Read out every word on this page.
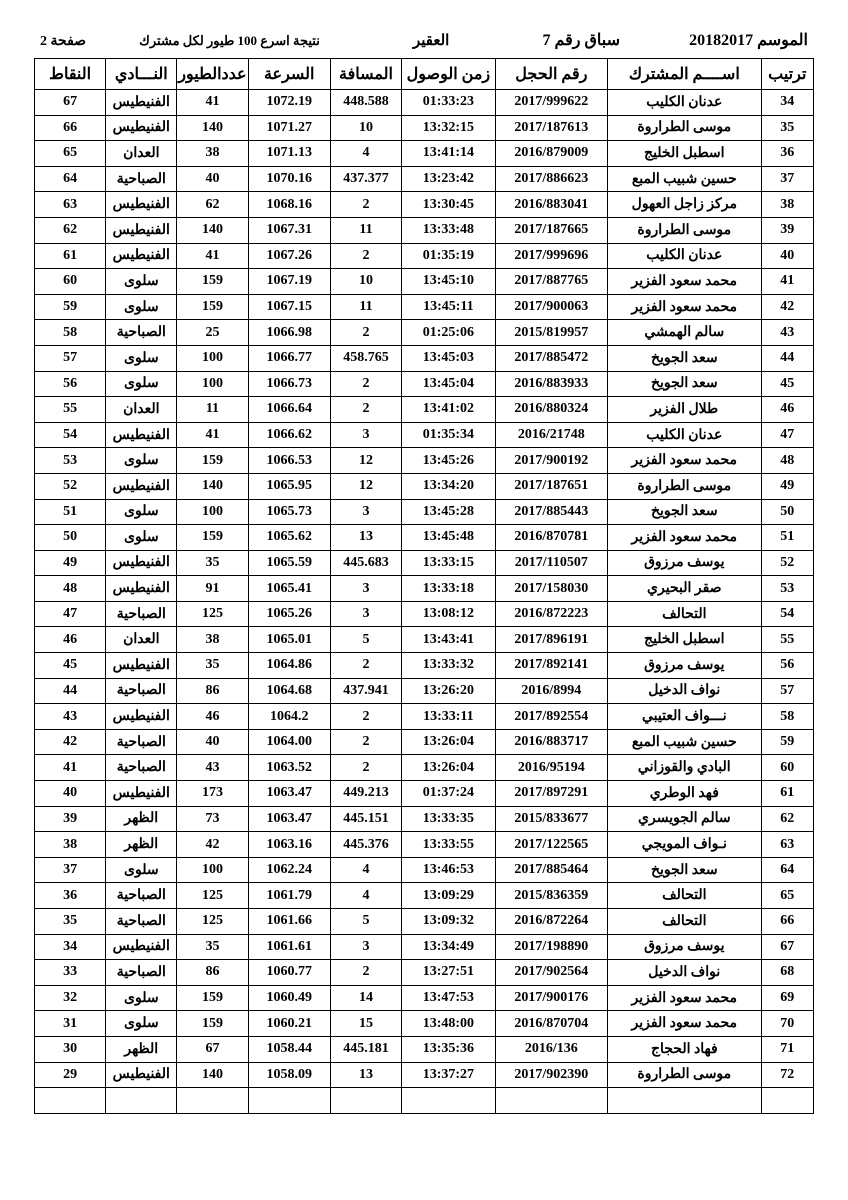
الموسم 20182017
سباق رقم 7
العقير
نتيجة اسرع 100 طيور لكل مشترك
صفحة 2
ترتيب	اســــم المشترك	رقم الحجل	زمن الوصول	المسافة	السرعة	عددالطيور	النـــادي	النقاط
34	عدنان الكليب	2017/999622	01:33:23	448.588	1072.19	41	الفنيطيس	67
35	موسى الطراروة	2017/187613	13:32:15	10	1071.27	140	الفنيطيس	66
36	اسطبل الخليج	2016/879009	13:41:14	4	1071.13	38	العدان	65
37	حسين شبيب المبع	2017/886623	13:23:42	437.377	1070.16	40	الصباحية	64
38	مركز زاجل العهول	2016/883041	13:30:45	2	1068.16	62	الفنيطيس	63
39	موسى الطراروة	2017/187665	13:33:48	11	1067.31	140	الفنيطيس	62
40	عدنان الكليب	2017/999696	01:35:19	2	1067.26	41	الفنيطيس	61
41	محمد سعود الفزير	2017/887765	13:45:10	10	1067.19	159	سلوى	60
42	محمد سعود الفزير	2017/900063	13:45:11	11	1067.15	159	سلوى	59
43	سالم الهمشي	2015/819957	01:25:06	2	1066.98	25	الصباحية	58
44	سعد الجويخ	2017/885472	13:45:03	458.765	1066.77	100	سلوى	57
45	سعد الجويخ	2016/883933	13:45:04	2	1066.73	100	سلوى	56
46	طلال الفزير	2016/880324	13:41:02	2	1066.64	11	العدان	55
47	عدنان الكليب	2016/21748	01:35:34	3	1066.62	41	الفنيطيس	54
48	محمد سعود الفزير	2017/900192	13:45:26	12	1066.53	159	سلوى	53
49	موسى الطراروة	2017/187651	13:34:20	12	1065.95	140	الفنيطيس	52
50	سعد الجويخ	2017/885443	13:45:28	3	1065.73	100	سلوى	51
51	محمد سعود الفزير	2016/870781	13:45:48	13	1065.62	159	سلوى	50
52	يوسف مرزوق	2017/110507	13:33:15	445.683	1065.59	35	الفنيطيس	49
53	صقر البحيري	2017/158030	13:33:18	3	1065.41	91	الفنيطيس	48
54	التحالف	2016/872223	13:08:12	3	1065.26	125	الصباحية	47
55	اسطبل الخليج	2017/896191	13:43:41	5	1065.01	38	العدان	46
56	يوسف مرزوق	2017/892141	13:33:32	2	1064.86	35	الفنيطيس	45
57	نواف الدخيل	2016/8994	13:26:20	437.941	1064.68	86	الصباحية	44
58	نـــواف العتيبي	2017/892554	13:33:11	2	1064.2	46	الفنيطيس	43
59	حسين شبيب المبع	2016/883717	13:26:04	2	1064.00	40	الصباحية	42
60	البادي والقوزاني	2016/95194	13:26:04	2	1063.52	43	الصباحية	41
61	فهد الوطري	2017/897291	01:37:24	449.213	1063.47	173	الفنيطيس	40
62	سالم الجويسري	2015/833677	13:33:35	445.151	1063.47	73	الظهر	39
63	نـواف المويجي	2017/122565	13:33:55	445.376	1063.16	42	الظهر	38
64	سعد الجويخ	2017/885464	13:46:53	4	1062.24	100	سلوى	37
65	التحالف	2015/836359	13:09:29	4	1061.79	125	الصباحية	36
66	التحالف	2016/872264	13:09:32	5	1061.66	125	الصباحية	35
67	يوسف مرزوق	2017/198890	13:34:49	3	1061.61	35	الفنيطيس	34
68	نواف الدخيل	2017/902564	13:27:51	2	1060.77	86	الصباحية	33
69	محمد سعود الفزير	2017/900176	13:47:53	14	1060.49	159	سلوى	32
70	محمد سعود الفزير	2016/870704	13:48:00	15	1060.21	159	سلوى	31
71	فهاد الحجاج	2016/136	13:35:36	445.181	1058.44	67	الظهر	30
72	موسى الطراروة	2017/902390	13:37:27	13	1058.09	140	الفنيطيس	29
